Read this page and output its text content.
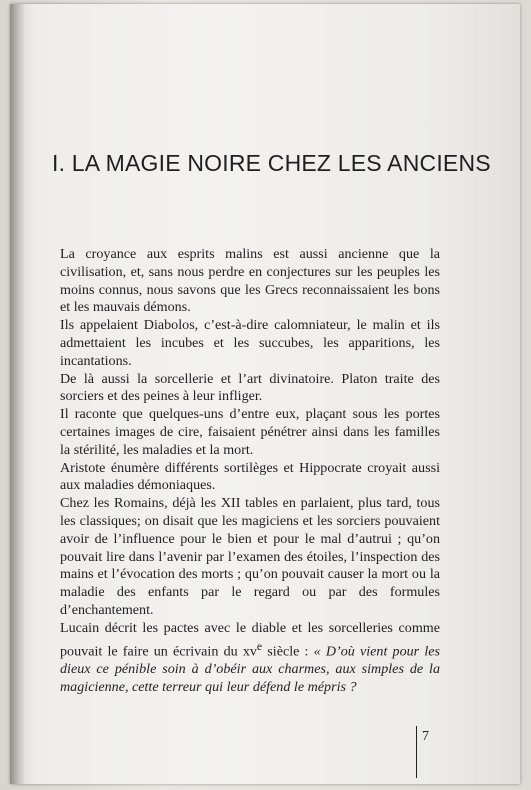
I. LA MAGIE NOIRE CHEZ LES ANCIENS

La croyance aux esprits malins est aussi ancienne que la civilisation, et, sans nous perdre en conjectures sur les peuples les moins connus, nous savons que les Grecs reconnaissaient les bons et les mauvais démons.

Ils appelaient Diabolos, c’est-à-dire calomniateur, le malin et ils admettaient les incubes et les succubes, les apparitions, les incantations.

De là aussi la sorcellerie et l’art divinatoire. Platon traite des sorciers et des peines à leur infliger.

Il raconte que quelques-uns d’entre eux, plaçant sous les portes certaines images de cire, faisaient pénétrer ainsi dans les familles la stérilité, les maladies et la mort.

Aristote énumère différents sortilèges et Hippocrate croyait aussi aux maladies démoniaques.

Chez les Romains, déjà les XII tables en parlaient, plus tard, tous les classiques; on disait que les magiciens et les sorciers pouvaient avoir de l’influence pour le bien et pour le mal d’autrui ; qu’on pouvait lire dans l’avenir par l’examen des étoiles, l’inspection des mains et l’évocation des morts ; qu’on pouvait causer la mort ou la maladie des enfants par le regard ou par des formules d’enchantement.

Lucain décrit les pactes avec le diable et les sorcelleries comme pouvait le faire un écrivain du $xv^e$ siècle : « D’où vient pour les dieux ce pénible soin à d’obéir aux charmes, aux simples de la magicienne, cette terreur qui leur défend le mépris ?

7
